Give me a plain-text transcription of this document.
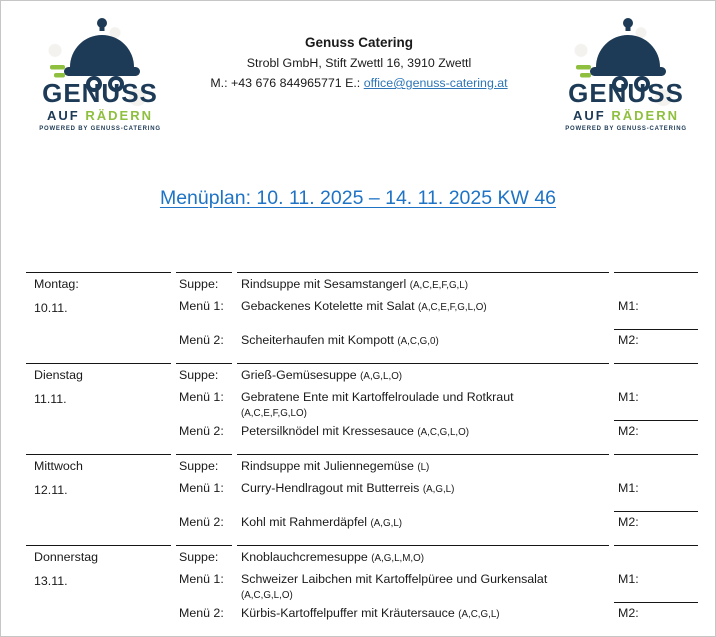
GENUSS
AUF RÄDERN
POWERED BY GENUSS-CATERING
GENUSS
AUF RÄDERN
POWERED BY GENUSS-CATERING
Genuss Catering
Strobl GmbH, Stift Zwettl 16, 3910 Zwettl
M.: +43 676 844965771 E.: office@genuss-catering.at
Menüplan: 10. 11. 2025 – 14. 11. 2025 KW 46
Montag:
10.11.
Suppe:
Menü 1:
Menü 2:
Rindsuppe mit Sesamstangerl (A,C,E,F,G,L)
Gebackenes Kotelette mit Salat (A,C,E,F,G,L,O)
Scheiterhaufen mit Kompott (A,C,G,0)
M1:
M2:
Dienstag
11.11.
Suppe:
Menü 1:
Menü 2:
Grieß-Gemüsesuppe (A,G,L,O)
Gebratene Ente mit Kartoffelroulade und Rotkraut
(A,C,E,F,G,LO)
Petersilknödel mit Kressesauce (A,C,G,L,O)
M1:
M2:
Mittwoch
12.11.
Suppe:
Menü 1:
Menü 2:
Rindsuppe mit Juliennegemüse (L)
Curry-Hendlragout mit Butterreis (A,G,L)
Kohl mit Rahmerdäpfel (A,G,L)
M1:
M2:
Donnerstag
13.11.
Suppe:
Menü 1:
Menü 2:
Knoblauchcremesuppe (A,G,L,M,O)
Schweizer Laibchen mit Kartoffelpüree und Gurkensalat
(A,C,G,L,O)
Kürbis-Kartoffelpuffer mit Kräutersauce (A,C,G,L)
M1:
M2:
